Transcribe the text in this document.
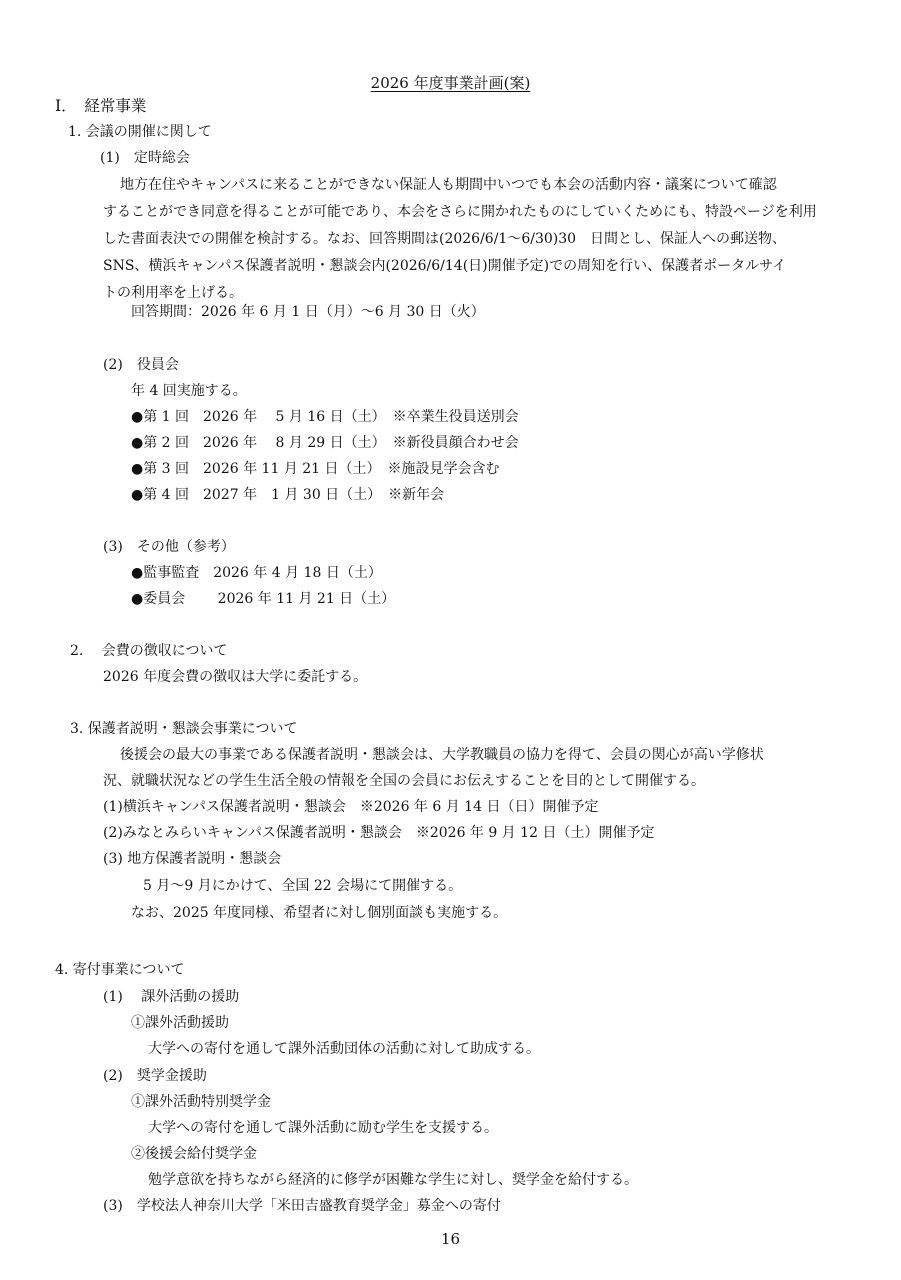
2026 年度事業計画(案)
Ⅰ．　経常事業
1. 会議の開催に関して
(1)　定時総会
地方在住やキャンパスに来ることができない保証人も期間中いつでも本会の活動内容・議案について確認
することができ同意を得ることが可能であり、本会をさらに開かれたものにしていくためにも、特設ページを利用
した書面表決での開催を検討する。なお、回答期間は(2026/6/1～6/30)30　日間とし、保証人への郵送物、
SNS、横浜キャンパス保護者説明・懇談会内(2026/6/14(日)開催予定)での周知を行い、保護者ポータルサイ
トの利用率を上げる。
回答期間：2026 年 6 月 1 日（月）～6 月 30 日（火）
(2)　役員会
年 4 回実施する。
●第 1 回　2026 年　 5 月 16 日（土）　※卒業生役員送別会
●第 2 回　2026 年　 8 月 29 日（土）　※新役員顔合わせ会
●第 3 回　2026 年 11 月 21 日（土）　※施設見学会含む
●第 4 回　2027 年　1 月 30 日（土）　※新年会
(3)　その他（参考）
●監事監査　2026 年 4 月 18 日（土）
●委員会　　 2026 年 11 月 21 日（土）
2.　 会費の徴収について
2026 年度会費の徴収は大学に委託する。
3. 保護者説明・懇談会事業について
後援会の最大の事業である保護者説明・懇談会は、大学教職員の協力を得て、会員の関心が高い学修状
況、就職状況などの学生生活全般の情報を全国の会員にお伝えすることを目的として開催する。
(1)横浜キャンパス保護者説明・懇談会　※2026 年 6 月 14 日（日）開催予定
(2)みなとみらいキャンパス保護者説明・懇談会　※2026 年 9 月 12 日（土）開催予定
(3) 地方保護者説明・懇談会
5 月～9 月にかけて、全国 22 会場にて開催する。
なお、2025 年度同様、希望者に対し個別面談も実施する。
4. 寄付事業について
(1)　 課外活動の援助
①課外活動援助
大学への寄付を通して課外活動団体の活動に対して助成する。
(2)　奨学金援助
①課外活動特別奨学金
大学への寄付を通して課外活動に励む学生を支援する。
②後援会給付奨学金
勉学意欲を持ちながら経済的に修学が困難な学生に対し、奨学金を給付する。
(3)　学校法人神奈川大学「米田吉盛教育奨学金」募金への寄付
16
